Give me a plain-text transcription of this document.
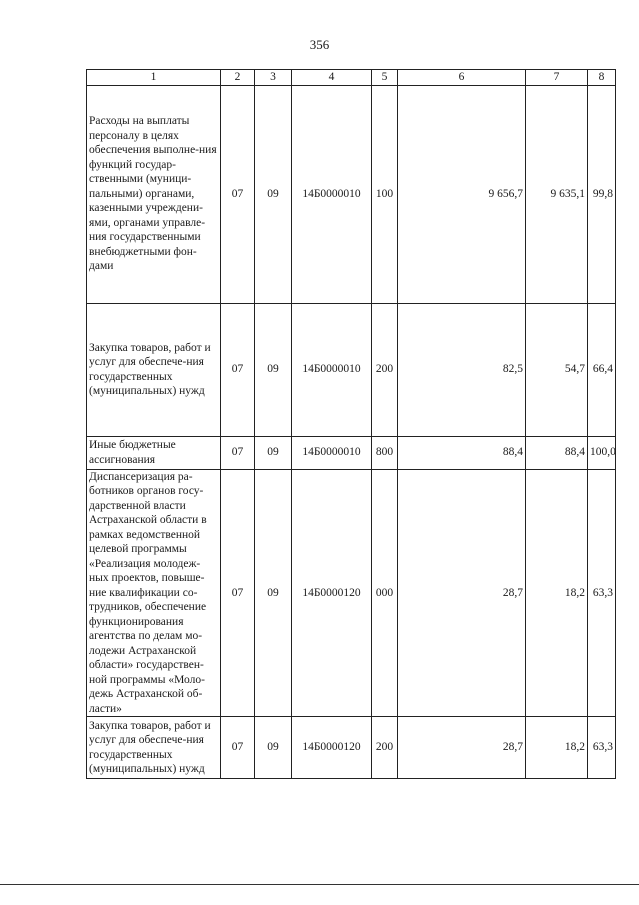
356
1	2	3	4	5	6	7	8
Расходы на выплаты персоналу в целях обеспечения выполне-ния функций государ-ственными (муници-пальными) органами, казенными учреждени-ями, органами управле-ния государственными внебюджетными фон-дами	07	09	14Б0000010	100	9 656,7	9 635,1	99,8
Закупка товаров, работ и услуг для обеспече-ния государственных (муниципальных) нужд	07	09	14Б0000010	200	82,5	54,7	66,4
Иные бюджетные ассигнования	07	09	14Б0000010	800	88,4	88,4	100,0
Диспансеризация ра-ботников органов госу-дарственной власти Астраханской области в рамках ведомственной целевой программы «Реализация молодеж-ных проектов, повыше-ние квалификации со-трудников, обеспечение функционирования агентства по делам мо-лодежи Астраханской области» государствен-ной программы «Моло-дежь Астраханской об-ласти»	07	09	14Б0000120	000	28,7	18,2	63,3
Закупка товаров, работ и услуг для обеспече-ния государственных (муниципальных) нужд	07	09	14Б0000120	200	28,7	18,2	63,3
